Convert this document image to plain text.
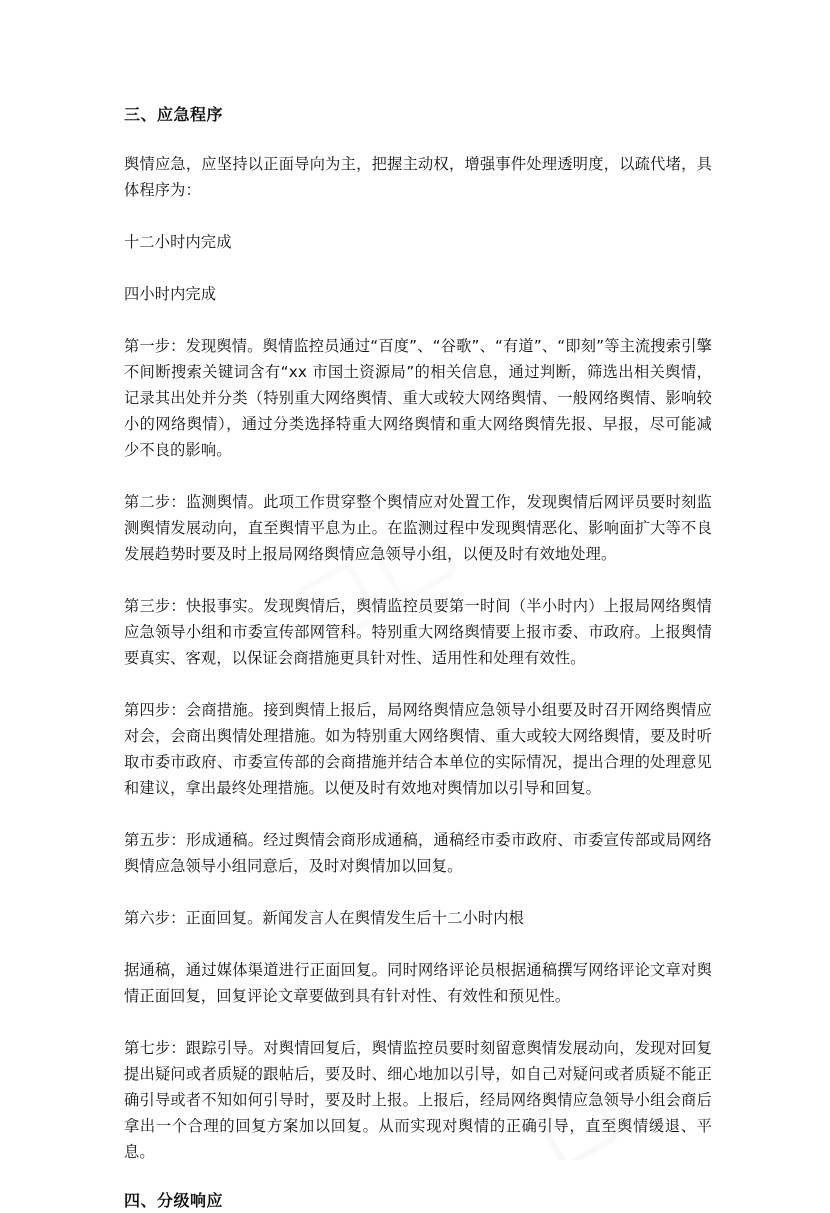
三、应急程序

舆情应急，应坚持以正面导向为主，把握主动权，增强事件处理透明度，以疏代堵，具体程序为：

十二小时内完成

四小时内完成

第一步：发现舆情。舆情监控员通过“百度”、“谷歌”、“有道”、“即刻”等主流搜索引擎不间断搜索关键词含有“xx 市国土资源局”的相关信息，通过判断，筛选出相关舆情，记录其出处并分类（特别重大网络舆情、重大或较大网络舆情、一般网络舆情、影响较小的网络舆情），通过分类选择特重大网络舆情和重大网络舆情先报、早报，尽可能减少不良的影响。

第二步：监测舆情。此项工作贯穿整个舆情应对处置工作，发现舆情后网评员要时刻监测舆情发展动向，直至舆情平息为止。在监测过程中发现舆情恶化、影响面扩大等不良发展趋势时要及时上报局网络舆情应急领导小组，以便及时有效地处理。

第三步：快报事实。发现舆情后，舆情监控员要第一时间（半小时内）上报局网络舆情应急领导小组和市委宣传部网管科。特别重大网络舆情要上报市委、市政府。上报舆情要真实、客观，以保证会商措施更具针对性、适用性和处理有效性。

第四步：会商措施。接到舆情上报后，局网络舆情应急领导小组要及时召开网络舆情应对会，会商出舆情处理措施。如为特别重大网络舆情、重大或较大网络舆情，要及时听取市委市政府、市委宣传部的会商措施并结合本单位的实际情况，提出合理的处理意见和建议，拿出最终处理措施。以便及时有效地对舆情加以引导和回复。

第五步：形成通稿。经过舆情会商形成通稿，通稿经市委市政府、市委宣传部或局网络舆情应急领导小组同意后，及时对舆情加以回复。

第六步：正面回复。新闻发言人在舆情发生后十二小时内根

据通稿，通过媒体渠道进行正面回复。同时网络评论员根据通稿撰写网络评论文章对舆情正面回复，回复评论文章要做到具有针对性、有效性和预见性。

第七步：跟踪引导。对舆情回复后，舆情监控员要时刻留意舆情发展动向，发现对回复提出疑问或者质疑的跟帖后，要及时、细心地加以引导，如自己对疑问或者质疑不能正确引导或者不知如何引导时，要及时上报。上报后，经局网络舆情应急领导小组会商后拿出一个合理的回复方案加以回复。从而实现对舆情的正确引导，直至舆情缓退、平息。

四、分级响应
